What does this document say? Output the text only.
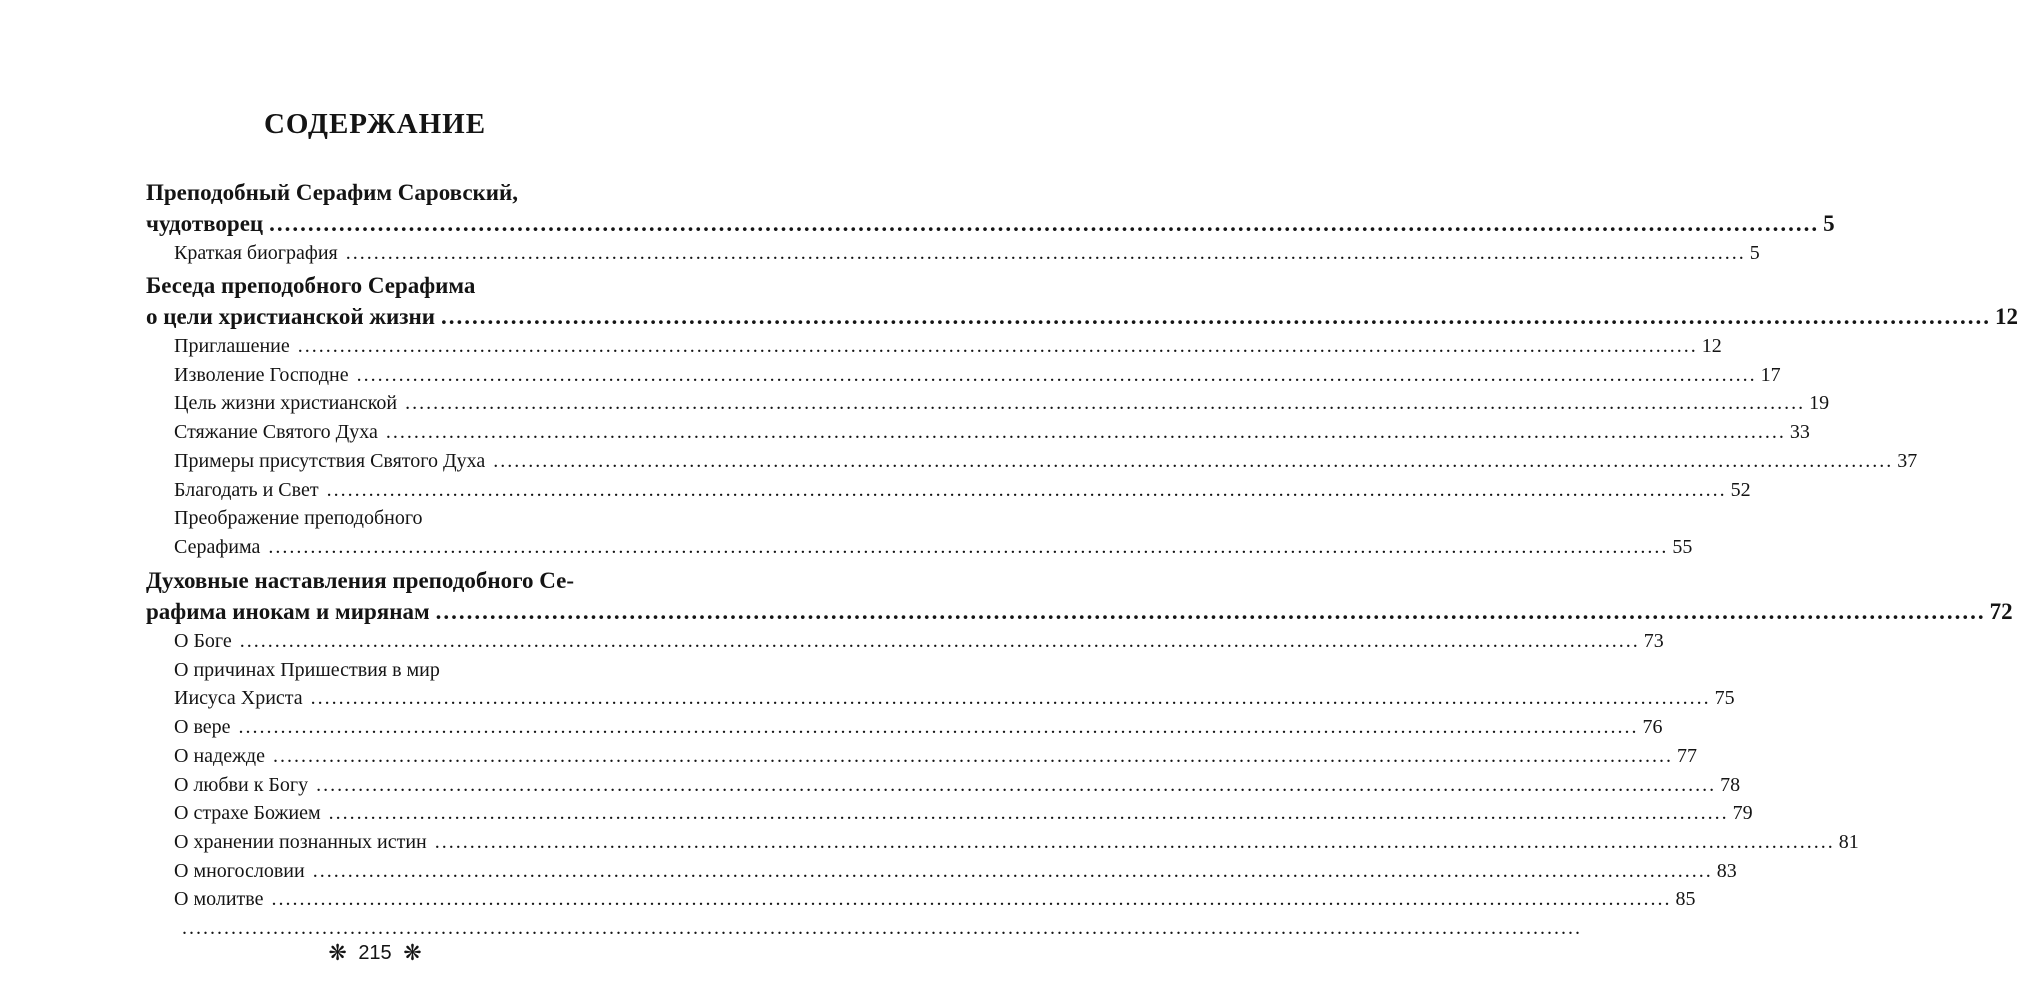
СОДЕРЖАНИЕ
Преподобный Серафим Саровский,
чудотворец ........................................................................................................................................................................................................ 5
Краткая биография ........................................................................................................................................................................................................ 5
Беседа преподобного Серафима
о цели христианской жизни ........................................................................................................................................................................................................ 12
Приглашение ........................................................................................................................................................................................................ 12
Изволение Господне ........................................................................................................................................................................................................ 17
Цель жизни христианской ........................................................................................................................................................................................................ 19
Стяжание Святого Духа ........................................................................................................................................................................................................ 33
Примеры присутствия Святого Духа ........................................................................................................................................................................................................ 37
Благодать и Свет ........................................................................................................................................................................................................ 52
Преображение преподобного
Серафима ........................................................................................................................................................................................................ 55
Духовные наставления преподобного Се-
рафима инокам и мирянам ........................................................................................................................................................................................................ 72
О Боге ........................................................................................................................................................................................................ 73
О причинах Пришествия в мир
Иисуса Христа ........................................................................................................................................................................................................ 75
О вере ........................................................................................................................................................................................................ 76
О надежде ........................................................................................................................................................................................................ 77
О любви к Богу ........................................................................................................................................................................................................ 78
О страхе Божием ........................................................................................................................................................................................................ 79
О хранении познанных истин ........................................................................................................................................................................................................ 81
О многословии ........................................................................................................................................................................................................ 83
О молитве ........................................................................................................................................................................................................ 85
........................................................................................................................................................................................................
❋ 215 ❋
